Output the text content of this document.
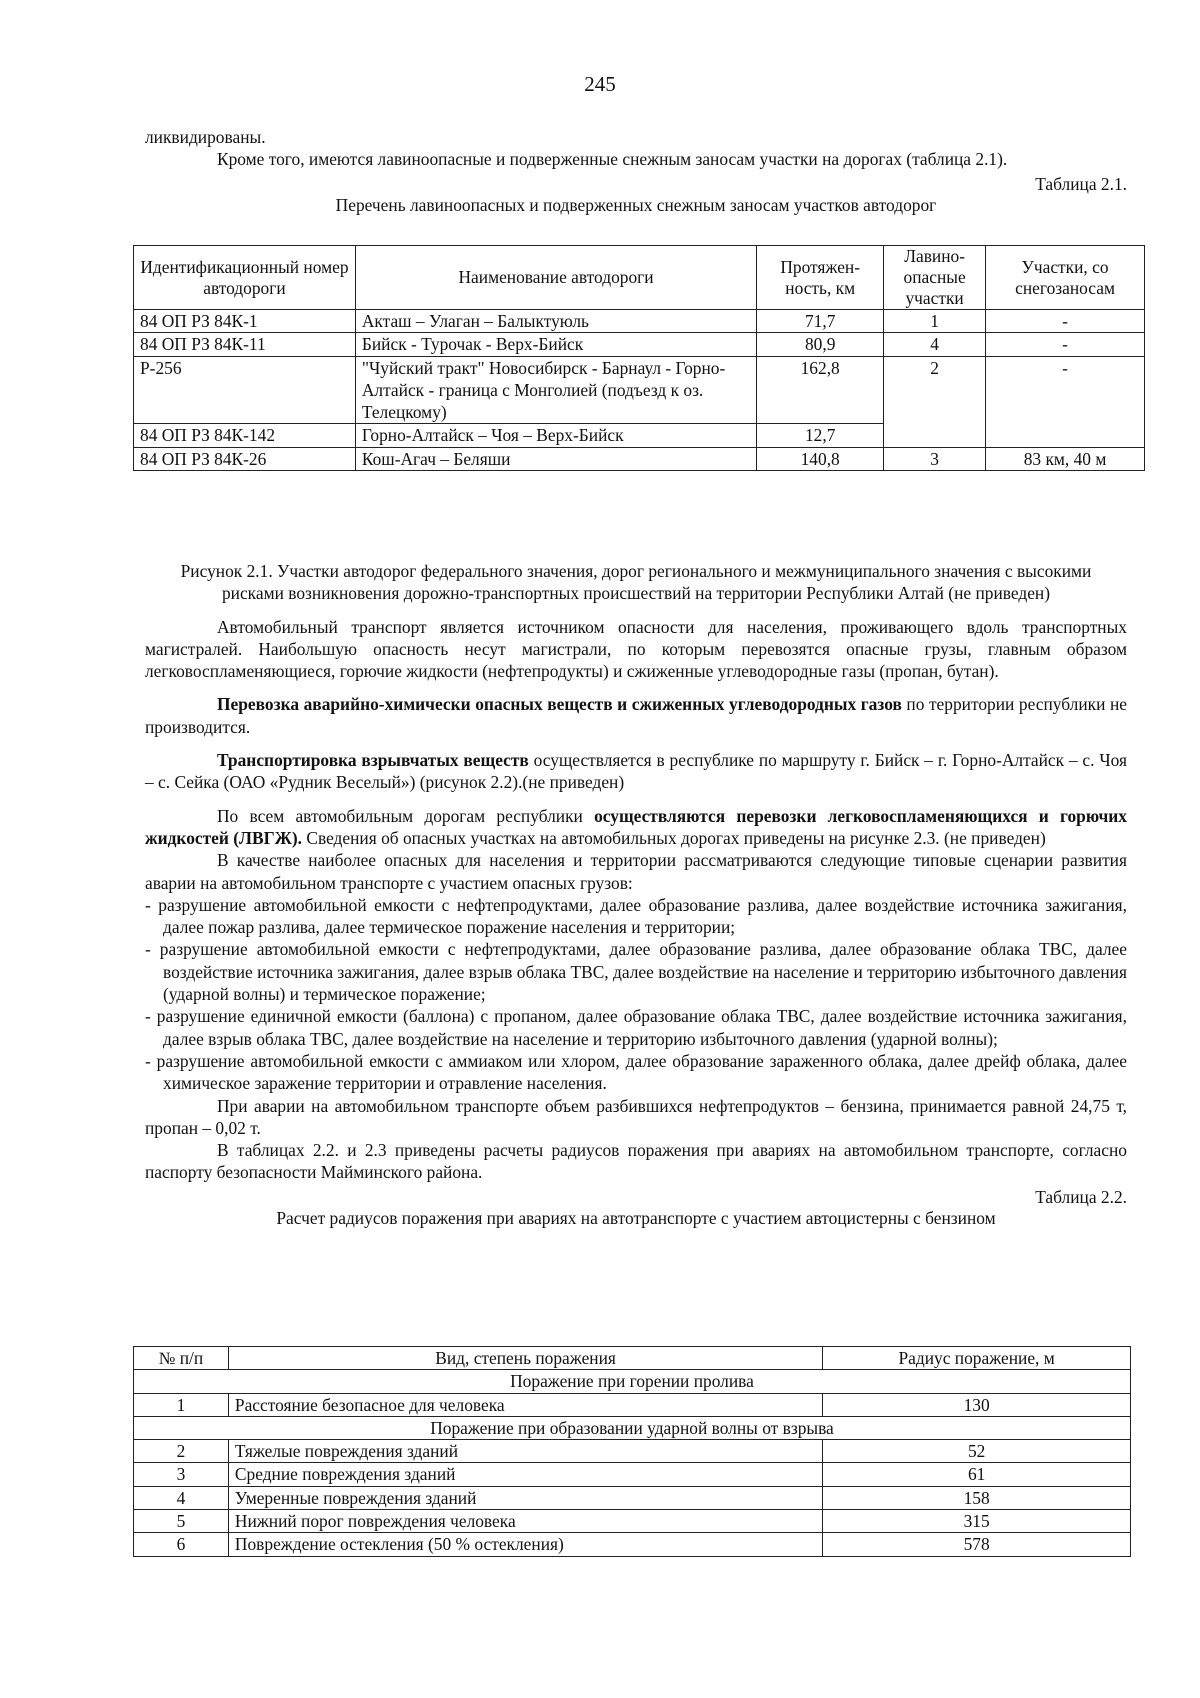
245

ликвидированы.

Кроме того, имеются лавиноопасные и подверженные снежным заносам участки на дорогах (таблица 2.1).

Таблица 2.1.

Перечень лавиноопасных и подверженных снежным заносам участков автодорог

Идентификационный номер автодороги	Наименование автодороги	Протяжен-ность, км	Лавино-опасные участки	Участки, со снегозаносам
84 ОП РЗ 84К-1	Акташ – Улаган – Балыктуюль	71,7	1	-
84 ОП РЗ 84К-11	Бийск - Турочак - Верх-Бийск	80,9	4	-
Р-256	"Чуйский тракт" Новосибирск - Барнаул - Горно-Алтайск - граница с Монголией (подъезд к оз. Телецкому)	162,8	2	-
84 ОП РЗ 84К-142	Горно-Алтайск – Чоя – Верх-Бийск	12,7		
84 ОП РЗ 84К-26	Кош-Агач – Беляши	140,8	3	83 км, 40 м

Рисунок 2.1. Участки автодорог федерального значения, дорог регионального и межмуниципального значения с высокими рисками возникновения дорожно-транспортных происшествий на территории Республики Алтай (не приведен)

Автомобильный транспорт является источником опасности для населения, проживающего вдоль транспортных магистралей. Наибольшую опасность несут магистрали, по которым перевозятся опасные грузы, главным образом легковоспламеняющиеся, горючие жидкости (нефтепродукты) и сжиженные углеводородные газы (пропан, бутан).

Перевозка аварийно-химически опасных веществ и сжиженных углеводородных газов по территории республики не производится.

Транспортировка взрывчатых веществ осуществляется в республике по маршруту г. Бийск – г. Горно-Алтайск – с. Чоя – с. Сейка (ОАО «Рудник Веселый») (рисунок 2.2).(не приведен)

По всем автомобильным дорогам республики осуществляются перевозки легковоспламеняющихся и горючих жидкостей (ЛВГЖ). Сведения об опасных участках на автомобильных дорогах приведены на рисунке 2.3. (не приведен)

В качестве наиболее опасных для населения и территории рассматриваются следующие типовые сценарии развития аварии на автомобильном транспорте с участием опасных грузов:

- разрушение автомобильной емкости с нефтепродуктами, далее образование разлива, далее воздействие источника зажигания, далее пожар разлива, далее термическое поражение населения и территории;

- разрушение автомобильной емкости с нефтепродуктами, далее образование разлива, далее образование облака ТВС, далее воздействие источника зажигания, далее взрыв облака ТВС, далее воздействие на население и территорию избыточного давления (ударной волны) и термическое поражение;

- разрушение единичной емкости (баллона) с пропаном, далее образование облака ТВС, далее воздействие источника зажигания, далее взрыв облака ТВС, далее воздействие на население и территорию избыточного давления (ударной волны);

- разрушение автомобильной емкости с аммиаком или хлором, далее образование зараженного облака, далее дрейф облака, далее химическое заражение территории и отравление населения.

При аварии на автомобильном транспорте объем разбившихся нефтепродуктов – бензина, принимается равной 24,75 т, пропан – 0,02 т.

В таблицах 2.2. и 2.3 приведены расчеты радиусов поражения при авариях на автомобильном транспорте, согласно паспорту безопасности Майминского района.

Таблица 2.2.

Расчет радиусов поражения при авариях на автотранспорте с участием автоцистерны с бензином

№ п/п	Вид, степень поражения	Радиус поражение, м
Поражение при горении пролива		
1	Расстояние безопасное для человека	130
Поражение при образовании ударной волны от взрыва		
2	Тяжелые повреждения зданий	52
3	Средние повреждения зданий	61
4	Умеренные повреждения зданий	158
5	Нижний порог повреждения человека	315
6	Повреждение остекления (50 % остекления)	578
